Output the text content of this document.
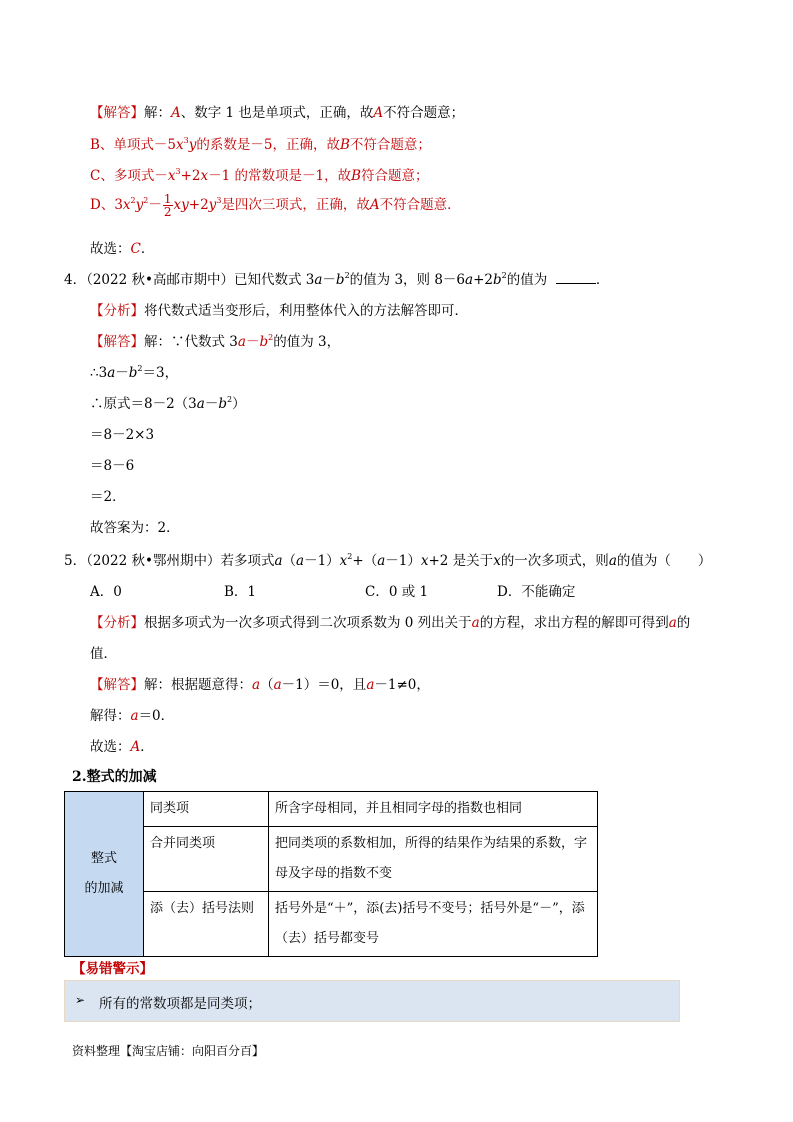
【解答】解：A、数字 1 也是单项式，正确，故A不符合题意；
B、单项式$-5x^3y$的系数是－5，正确，故B不符合题意；
C、多项式$-x^3+2x-1$ 的常数项是－1，故B符合题意；
D、$3x^2y^2- \frac{1}{2} xy+2y^3$是四次三项式，正确，故A不符合题意．
故选：C．
4．（2022 秋•高邮市期中）已知代数式 $3a-b^2$的值为 3，则 $8-6a+2b^2$的值为	．
【分析】将代数式适当变形后，利用整体代入的方法解答即可．
【解答】解：∵代数式 $3a-b^2$的值为 3，
$\therefore 3a-b^2=3$，
∴原式$=8-2(3a-b^2)$
＝8－2×3
＝8－6
＝2．
故答案为：2．
5．（2022 秋•鄂州期中）若多项式$a(a-1)x^2+(a-1)x+2$ 是关于x的一次多项式，则a的值为（　　）
A．0	B．1	C．0 或 1	D．不能确定
【分析】根据多项式为一次多项式得到二次项系数为 0 列出关于a的方程，求出方程的解即可得到a的
值．
【解答】解：根据题意得：a（a－1）＝0，且a－1≠0，
解得：a＝0．
故选：A．
2.整式的加减
整式
的加减	同类项	所含字母相同，并且相同字母的指数也相同
	合并同类项	把同类项的系数相加，所得的结果作为结果的系数，字母及字母的指数不变
	添（去）括号法则	括号外是“＋”，添(去)括号不变号；括号外是“－”，添（去）括号都变号
【易错警示】
➢ 所有的常数项都是同类项；
资料整理【淘宝店铺：向阳百分百】
